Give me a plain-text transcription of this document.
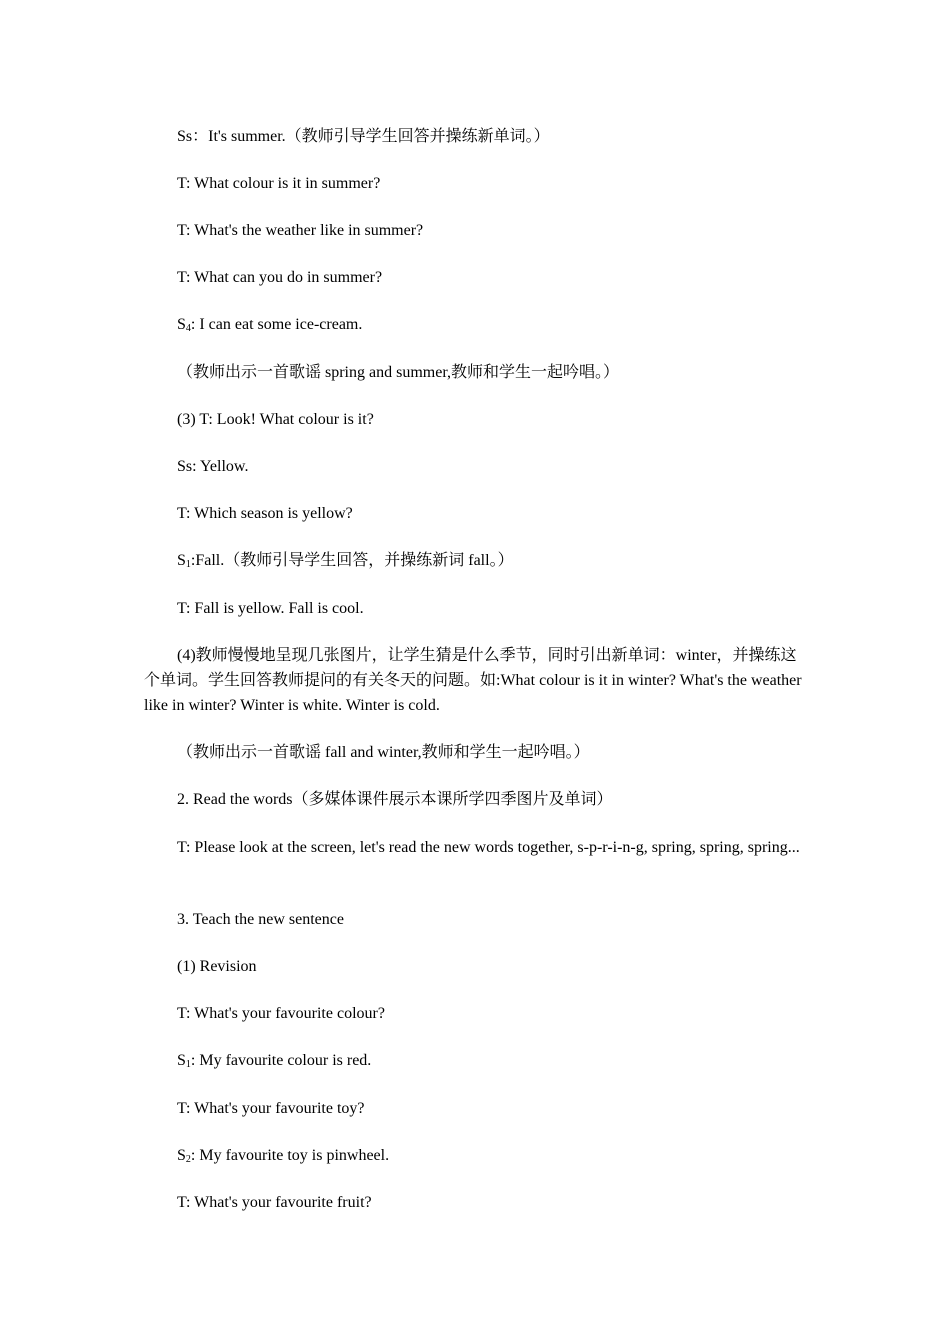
Ss：It's summer.（教师引导学生回答并操练新单词。）

T: What colour is it in summer?

T: What's the weather like in summer?

T: What can you do in summer?

$S_4$: I can eat some ice-cream.

（教师出示一首歌谣 spring and summer,教师和学生一起吟唱。）

(3) T: Look! What colour is it?

Ss: Yellow.

T: Which season is yellow?

$S_1:Fall$.（教师引导学生回答，并操练新词 fall。）

T: Fall is yellow. Fall is cool.

(4)教师慢慢地呈现几张图片，让学生猜是什么季节，同时引出新单词：winter，并操练这个单词。学生回答教师提问的有关冬天的问题。如:What colour is it in winter? What's the weather like in winter? Winter is white. Winter is cold.

（教师出示一首歌谣 fall and winter,教师和学生一起吟唱。）

2. Read the words（多媒体课件展示本课所学四季图片及单词）

T: Please look at the screen, let's read the new words together, s-p-r-i-n-g, spring, spring, spring...

3. Teach the new sentence

(1) Revision

T: What's your favourite colour?

$S_1$: My favourite colour is red.

T: What's your favourite toy?

$S_2$: My favourite toy is pinwheel.

T: What's your favourite fruit?
